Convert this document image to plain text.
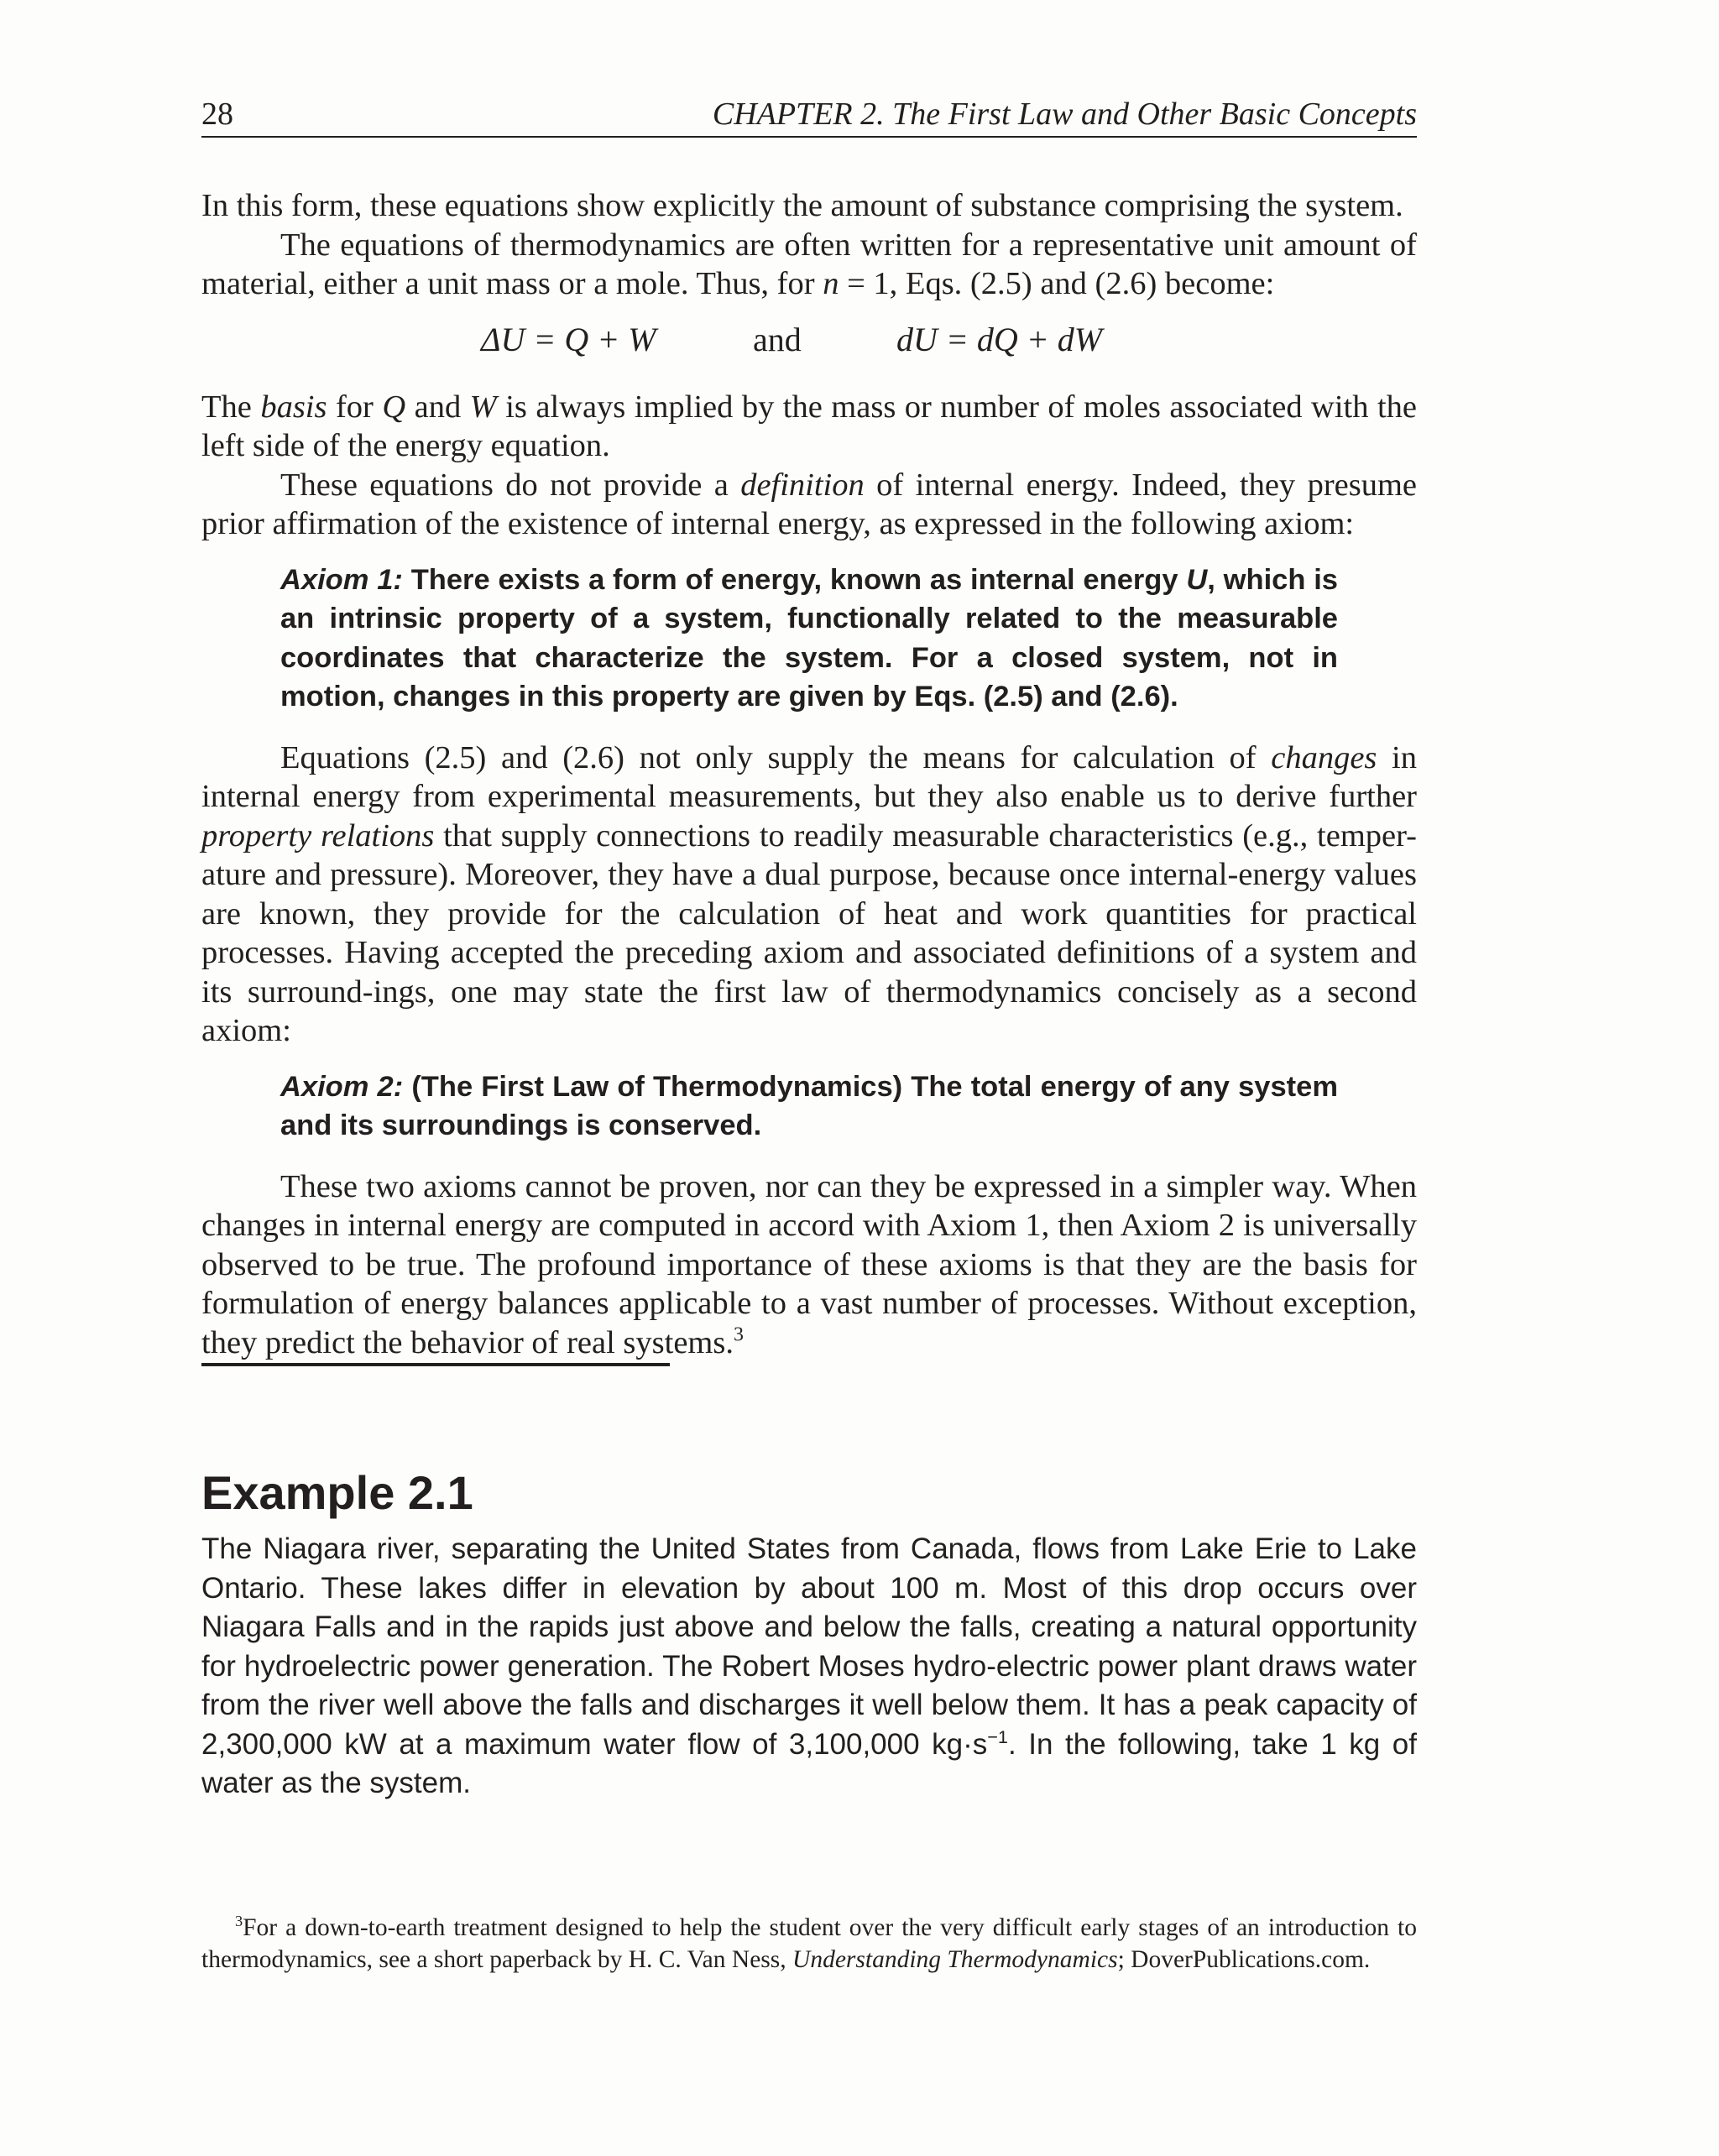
28	CHAPTER 2. The First Law and Other Basic Concepts

In this form, these equations show explicitly the amount of substance comprising the system.

The equations of thermodynamics are often written for a representative unit amount of material, either a unit mass or a mole. Thus, for n = 1, Eqs. (2.5) and (2.6) become:

ΔU = Q + W	and	dU = dQ + dW

The basis for Q and W is always implied by the mass or number of moles associated with the left side of the energy equation.

These equations do not provide a definition of internal energy. Indeed, they presume prior affirmation of the existence of internal energy, as expressed in the following axiom:

Axiom 1: There exists a form of energy, known as internal energy U, which is an intrinsic property of a system, functionally related to the measurable coordinates that characterize the system. For a closed system, not in motion, changes in this property are given by Eqs. (2.5) and (2.6).

Equations (2.5) and (2.6) not only supply the means for calculation of changes in internal energy from experimental measurements, but they also enable us to derive further property relations that supply connections to readily measurable characteristics (e.g., temper-ature and pressure). Moreover, they have a dual purpose, because once internal-energy values are known, they provide for the calculation of heat and work quantities for practical processes. Having accepted the preceding axiom and associated definitions of a system and its surround-ings, one may state the first law of thermodynamics concisely as a second axiom:

Axiom 2: (The First Law of Thermodynamics) The total energy of any system and its surroundings is conserved.

These two axioms cannot be proven, nor can they be expressed in a simpler way. When changes in internal energy are computed in accord with Axiom 1, then Axiom 2 is universally observed to be true. The profound importance of these axioms is that they are the basis for formulation of energy balances applicable to a vast number of processes. Without exception, they predict the behavior of real systems.$^3$

Example 2.1
The Niagara river, separating the United States from Canada, flows from Lake Erie to Lake Ontario. These lakes differ in elevation by about 100 m. Most of this drop occurs over Niagara Falls and in the rapids just above and below the falls, creating a natural opportunity for hydroelectric power generation. The Robert Moses hydro-electric power plant draws water from the river well above the falls and discharges it well below them. It has a peak capacity of 2,300,000 kW at a maximum water flow of 3,100,000 $kg\cdot s^{-1}$. In the following, take 1 kg of water as the system.

$^3$For a down-to-earth treatment designed to help the student over the very difficult early stages of an introduction to thermodynamics, see a short paperback by H. C. Van Ness, Understanding Thermodynamics; DoverPublications.com.
